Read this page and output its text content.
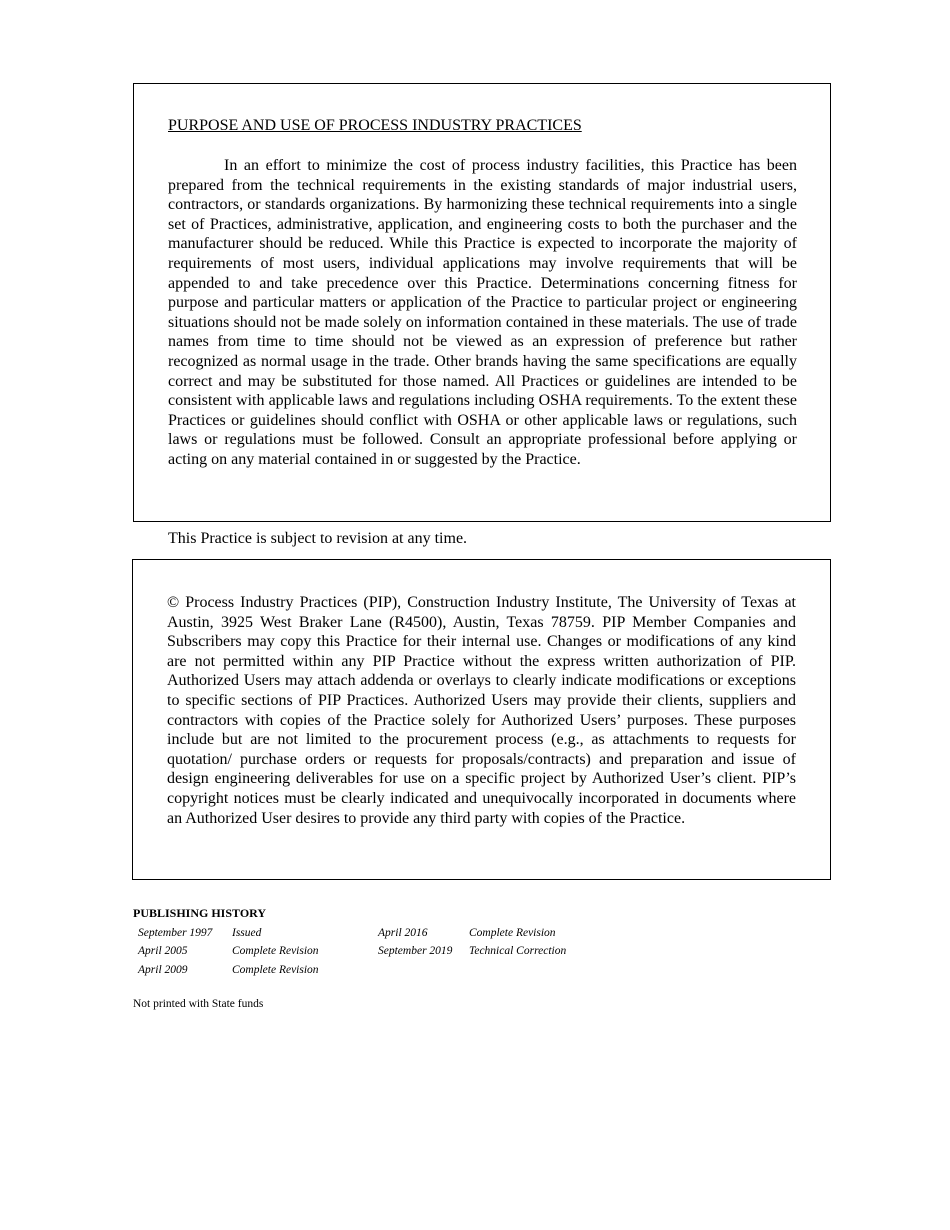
PURPOSE AND USE OF PROCESS INDUSTRY PRACTICES

In an effort to minimize the cost of process industry facilities, this Practice has been prepared from the technical requirements in the existing standards of major industrial users, contractors, or standards organizations. By harmonizing these technical requirements into a single set of Practices, administrative, application, and engineering costs to both the purchaser and the manufacturer should be reduced. While this Practice is expected to incorporate the majority of requirements of most users, individual applications may involve requirements that will be appended to and take precedence over this Practice. Determinations concerning fitness for purpose and particular matters or application of the Practice to particular project or engineering situations should not be made solely on information contained in these materials. The use of trade names from time to time should not be viewed as an expression of preference but rather recognized as normal usage in the trade. Other brands having the same specifications are equally correct and may be substituted for those named. All Practices or guidelines are intended to be consistent with applicable laws and regulations including OSHA requirements. To the extent these Practices or guidelines should conflict with OSHA or other applicable laws or regulations, such laws or regulations must be followed. Consult an appropriate professional before applying or acting on any material contained in or suggested by the Practice.

This Practice is subject to revision at any time.

© Process Industry Practices (PIP), Construction Industry Institute, The University of Texas at Austin, 3925 West Braker Lane (R4500), Austin, Texas 78759. PIP Member Companies and Subscribers may copy this Practice for their internal use. Changes or modifications of any kind are not permitted within any PIP Practice without the express written authorization of PIP. Authorized Users may attach addenda or overlays to clearly indicate modifications or exceptions to specific sections of PIP Practices. Authorized Users may provide their clients, suppliers and contractors with copies of the Practice solely for Authorized Users’ purposes. These purposes include but are not limited to the procurement process (e.g., as attachments to requests for quotation/ purchase orders or requests for proposals/contracts) and preparation and issue of design engineering deliverables for use on a specific project by Authorized User’s client. PIP’s copyright notices must be clearly indicated and unequivocally incorporated in documents where an Authorized User desires to provide any third party with copies of the Practice.

PUBLISHING HISTORY
September 1997 Issued
April 2005	Complete Revision
April 2009	Complete Revision
April 2016	Complete Revision
September 2019 Technical Correction
Not printed with State funds
